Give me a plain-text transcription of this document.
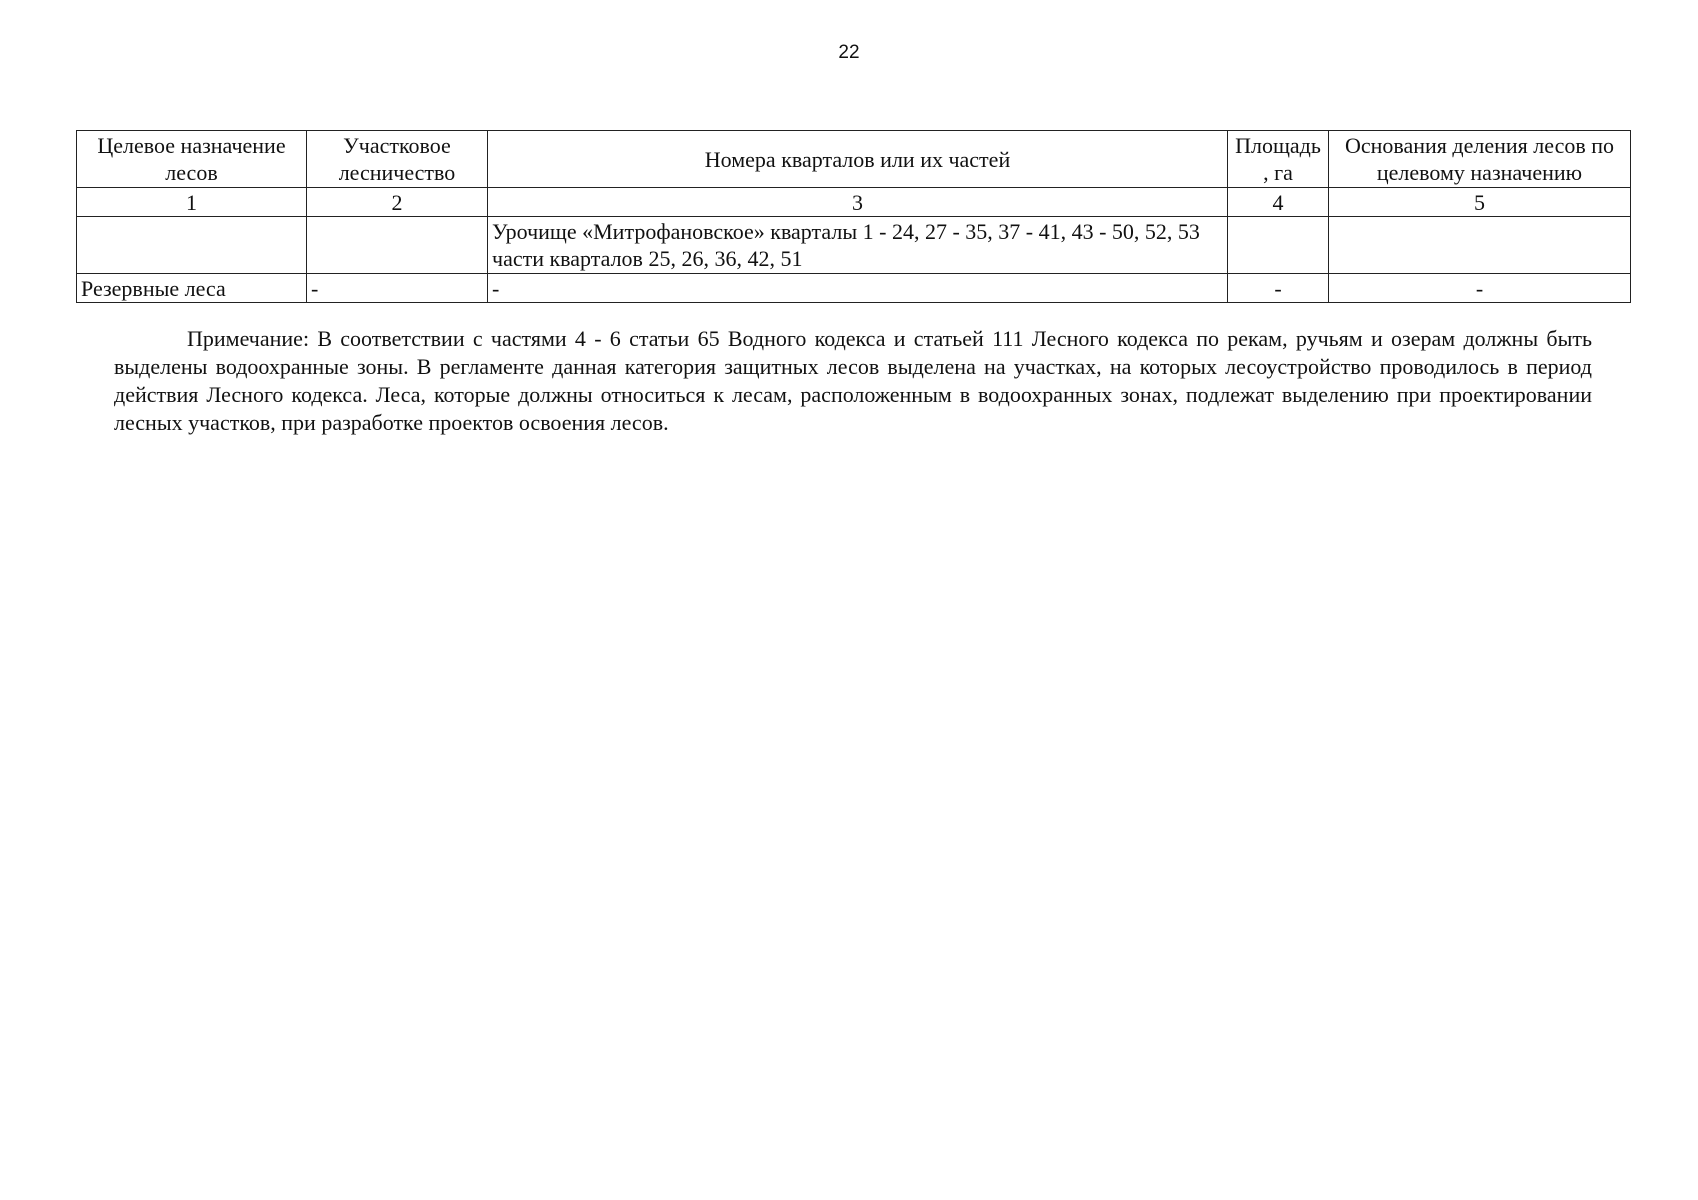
22
Целевое назначение лесов	Участковое лесничество	Номера кварталов или их частей	Площадь , га	Основания деления лесов по целевому назначению
1	2	3	4	5
		Урочище «Митрофановское» кварталы 1 - 24, 27 - 35, 37 - 41, 43 - 50, 52, 53 части кварталов 25, 26, 36, 42, 51		
Резервные леса	-	-	-	-

Примечание: В соответствии с частями 4 - 6 статьи 65 Водного кодекса и статьей 111 Лесного кодекса по рекам, ручьям и озерам должны быть выделены водоохранные зоны. В регламенте данная категория защитных лесов выделена на участках, на которых лесоустройство проводилось в период действия Лесного кодекса. Леса, которые должны относиться к лесам, расположенным в водоохранных зонах, подлежат выделению при проектировании лесных участков, при разработке проектов освоения лесов.
